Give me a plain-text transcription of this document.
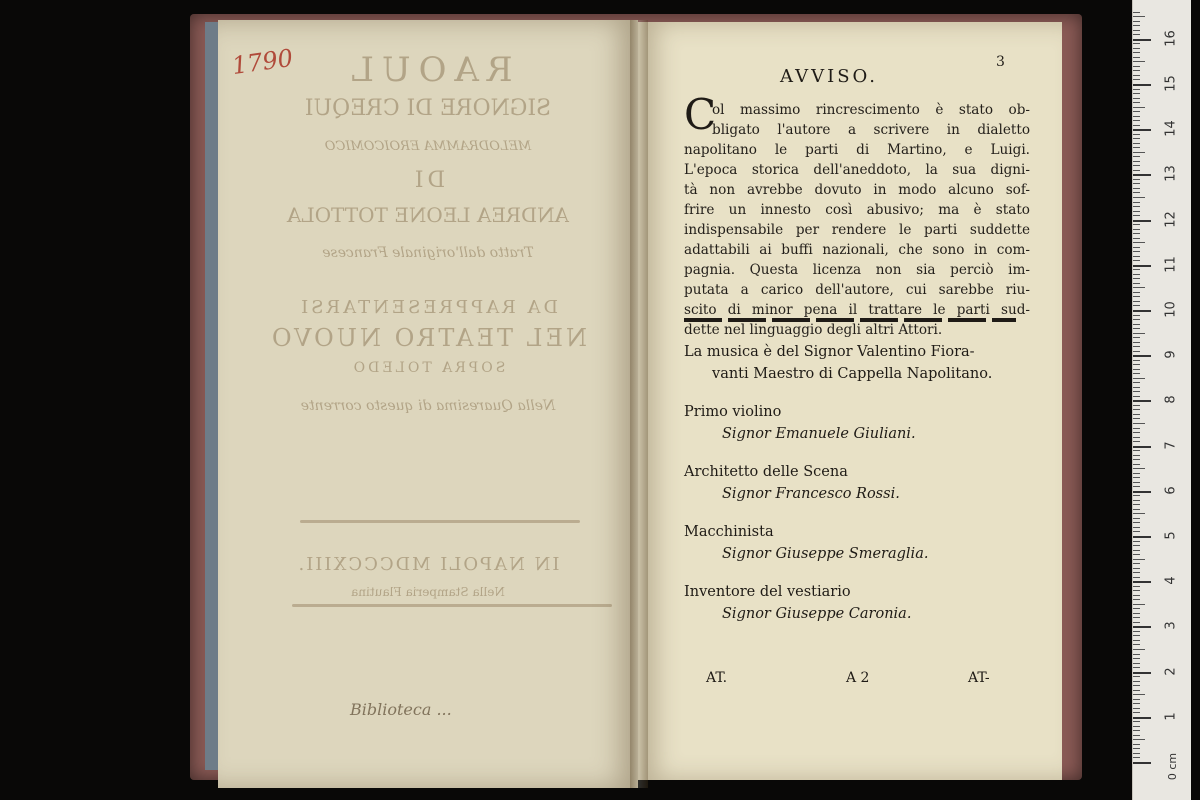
RAOUL
SIGNORE DI CREQUI
MELODRAMMA EROICOMICO
DI
ANDREA LEONE TOTTOLA
Tratto dall'originale Francese
DA RAPPRESENTARSI
NEL TEATRO NUOVO
SOPRA TOLEDO
Nella Quaresima di questo corrente
IN NAPOLI MDCCCXIII.
Nella Stamperia Flautina
1790
Biblioteca ...
3
AVVISO.
C
ol massimo rincrescimento è stato ob-
bligato l'autore a scrivere in dialetto
napolitano le parti di Martino, e Luigi.
L'epoca storica dell'aneddoto, la sua digni-
tà non avrebbe dovuto in modo alcuno sof-
frire un innesto così abusivo; ma è stato
indispensabile per rendere le parti suddette
adattabili ai buffi nazionali, che sono in com-
pagnia. Questa licenza non sia perciò im-
putata a carico dell'autore, cui sarebbe riu-
scito di minor pena il trattare le parti sud-
dette nel linguaggio degli altri Attori.
La musica è del Signor Valentino Fiora-
vanti Maestro di Cappella Napolitano.
Primo violino
Signor Emanuele Giuliani.
Architetto delle Scena
Signor Francesco Rossi.
Macchinista
Signor Giuseppe Smeraglia.
Inventore del vestiario
Signor Giuseppe Caronia.
AT.	A 2	AT-
0 cm
1
2
3
4
5
6
7
8
9
10
11
12
13
14
15
16
